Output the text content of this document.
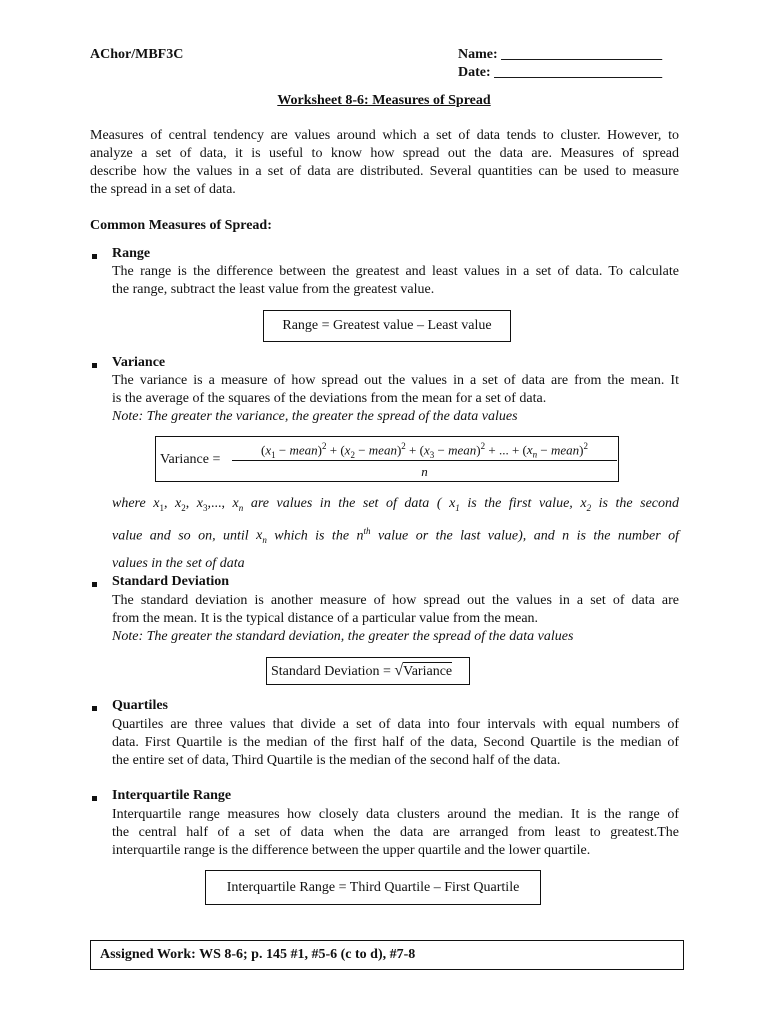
AChor/MBF3C	Name: _______________________
Date: ________________________
Worksheet 8-6: Measures of Spread
Measures of central tendency are values around which a set of data tends to cluster. However, to
analyze a set of data, it is useful to know how spread out the data are. Measures of spread
describe how the values in a set of data are distributed. Several quantities can be used to measure
the spread in a set of data.
Common Measures of Spread:
Range
The range is the difference between the greatest and least values in a set of data. To calculate
the range, subtract the least value from the greatest value.
Range = Greatest value – Least value
Variance
The variance is a measure of how spread out the values in a set of data are from the mean. It
is the average of the squares of the deviations from the mean for a set of data.
Note: The greater the variance, the greater the spread of the data values
Variance =
($x_1$ − mean)$^2$ + ($x_2$ − mean)$^2$ + ($x_3$ − mean)$^2$ + ... + ($x_n$ − mean)$^2$
n
where $x_1$, $x_2$, $x_3$,..., $x_n$ are values in the set of data ( $x_1$ is the first value, $x_2$ is the second
value and so on, until $x_n$ which is the $n^{th}$ value or the last value), and n is the number of
values in the set of data
Standard Deviation
The standard deviation is another measure of how spread out the values in a set of data are
from the mean. It is the typical distance of a particular value from the mean.
Note: The greater the standard deviation, the greater the spread of the data values
Standard Deviation = √Variance
Quartiles
Quartiles are three values that divide a set of data into four intervals with equal numbers of
data. First Quartile is the median of the first half of the data, Second Quartile is the median of
the entire set of data, Third Quartile is the median of the second half of the data.
Interquartile Range
Interquartile range measures how closely data clusters around the median. It is the range of
the central half of a set of data when the data are arranged from least to greatest.The
interquartile range is the difference between the upper quartile and the lower quartile.
Interquartile Range = Third Quartile – First Quartile
Assigned Work: WS 8-6; p. 145 #1, #5-6 (c to d), #7-8
